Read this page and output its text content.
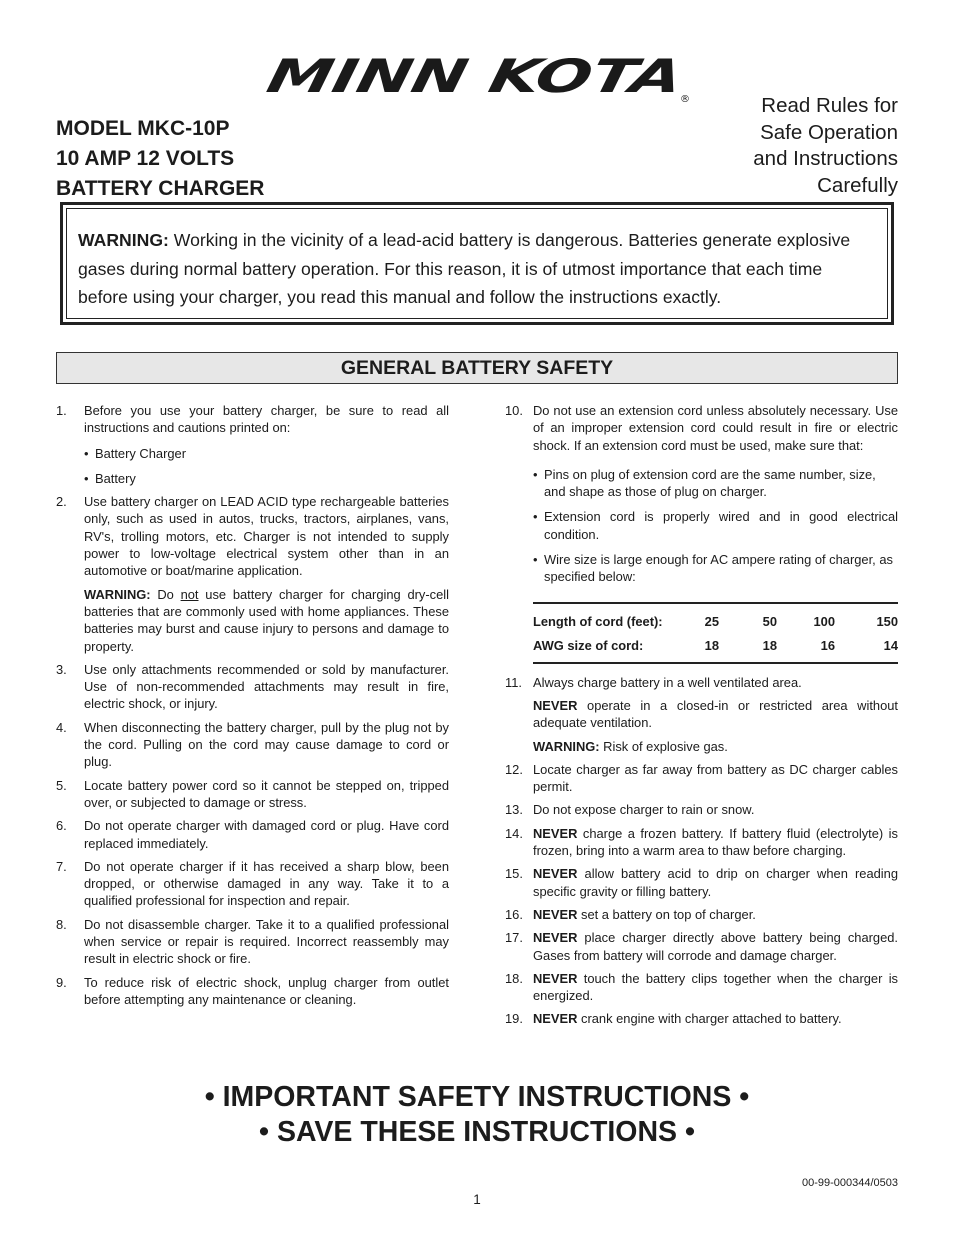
MINN KOTA	®
MODEL MKC-10P
10 AMP 12 VOLTS
BATTERY CHARGER
Read Rules for
Safe Operation
and Instructions
Carefully
WARNING: Working in the vicinity of a lead-acid battery is dangerous. Batteries generate explosive gases during normal battery operation. For this reason, it is of utmost importance that each time before using your charger, you read this manual and follow the instructions exactly.
GENERAL BATTERY SAFETY
1. Before you use your battery charger, be sure to read all instructions and cautions printed on:
• Battery Charger
• Battery
2. Use battery charger on LEAD ACID type rechargeable batteries only, such as used in autos, trucks, tractors, airplanes, vans, RV's, trolling motors, etc. Charger is not intended to supply power to low-voltage electrical system other than in an automotive or boat/marine application.
WARNING: Do not use battery charger for charging dry-cell batteries that are commonly used with home appliances. These batteries may burst and cause injury to persons and damage to property.
3. Use only attachments recommended or sold by manufacturer. Use of non-recommended attachments may result in fire, electric shock, or injury.
4. When disconnecting the battery charger, pull by the plug not by the cord. Pulling on the cord may cause damage to cord or plug.
5. Locate battery power cord so it cannot be stepped on, tripped over, or subjected to damage or stress.
6. Do not operate charger with damaged cord or plug. Have cord replaced immediately.
7. Do not operate charger if it has received a sharp blow, been dropped, or otherwise damaged in any way. Take it to a qualified professional for inspection and repair.
8. Do not disassemble charger. Take it to a qualified professional when service or repair is required. Incorrect reassembly may result in electric shock or fire.
9. To reduce risk of electric shock, unplug charger from outlet before attempting any maintenance or cleaning.
10. Do not use an extension cord unless absolutely necessary. Use of an improper extension cord could result in fire or electric shock. If an extension cord must be used, make sure that:
• Pins on plug of extension cord are the same number, size, and shape as those of plug on charger.
• Extension cord is properly wired and in good electrical condition.
• Wire size is large enough for AC ampere rating of charger, as specified below:
Length of cord (feet):	25	50	100	150
AWG size of cord:	18	18	16	14
11. Always charge battery in a well ventilated area.
NEVER operate in a closed-in or restricted area without adequate ventilation.
WARNING: Risk of explosive gas.
12. Locate charger as far away from battery as DC charger cables permit.
13. Do not expose charger to rain or snow.
14. NEVER charge a frozen battery. If battery fluid (electrolyte) is frozen, bring into a warm area to thaw before charging.
15. NEVER allow battery acid to drip on charger when reading specific gravity or filling battery.
16. NEVER set a battery on top of charger.
17. NEVER place charger directly above battery being charged. Gases from battery will corrode and damage charger.
18. NEVER touch the battery clips together when the charger is energized.
19. NEVER crank engine with charger attached to battery.
• IMPORTANT SAFETY INSTRUCTIONS •
• SAVE THESE INSTRUCTIONS •
00-99-000344/0503
1
